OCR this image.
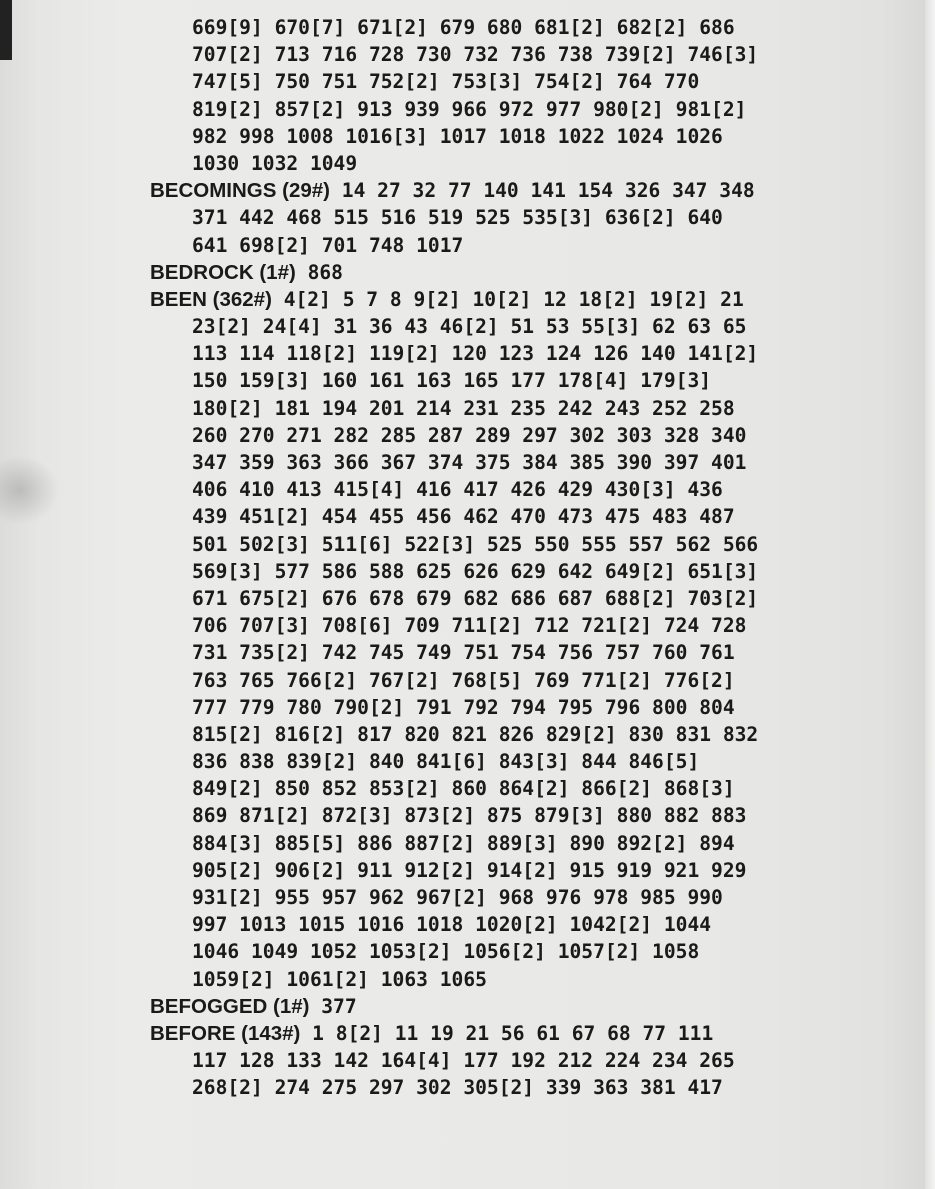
669[9] 670[7] 671[2] 679 680 681[2] 682[2] 686
707[2] 713 716 728 730 732 736 738 739[2] 746[3]
747[5] 750 751 752[2] 753[3] 754[2] 764 770
819[2] 857[2] 913 939 966 972 977 980[2] 981[2]
982 998 1008 1016[3] 1017 1018 1022 1024 1026
1030 1032 1049
BECOMINGS (29#) 14 27 32 77 140 141 154 326 347 348
371 442 468 515 516 519 525 535[3] 636[2] 640
641 698[2] 701 748 1017
BEDROCK (1#) 868
BEEN (362#) 4[2] 5 7 8 9[2] 10[2] 12 18[2] 19[2] 21
23[2] 24[4] 31 36 43 46[2] 51 53 55[3] 62 63 65
113 114 118[2] 119[2] 120 123 124 126 140 141[2]
150 159[3] 160 161 163 165 177 178[4] 179[3]
180[2] 181 194 201 214 231 235 242 243 252 258
260 270 271 282 285 287 289 297 302 303 328 340
347 359 363 366 367 374 375 384 385 390 397 401
406 410 413 415[4] 416 417 426 429 430[3] 436
439 451[2] 454 455 456 462 470 473 475 483 487
501 502[3] 511[6] 522[3] 525 550 555 557 562 566
569[3] 577 586 588 625 626 629 642 649[2] 651[3]
671 675[2] 676 678 679 682 686 687 688[2] 703[2]
706 707[3] 708[6] 709 711[2] 712 721[2] 724 728
731 735[2] 742 745 749 751 754 756 757 760 761
763 765 766[2] 767[2] 768[5] 769 771[2] 776[2]
777 779 780 790[2] 791 792 794 795 796 800 804
815[2] 816[2] 817 820 821 826 829[2] 830 831 832
836 838 839[2] 840 841[6] 843[3] 844 846[5]
849[2] 850 852 853[2] 860 864[2] 866[2] 868[3]
869 871[2] 872[3] 873[2] 875 879[3] 880 882 883
884[3] 885[5] 886 887[2] 889[3] 890 892[2] 894
905[2] 906[2] 911 912[2] 914[2] 915 919 921 929
931[2] 955 957 962 967[2] 968 976 978 985 990
997 1013 1015 1016 1018 1020[2] 1042[2] 1044
1046 1049 1052 1053[2] 1056[2] 1057[2] 1058
1059[2] 1061[2] 1063 1065
BEFOGGED (1#) 377
BEFORE (143#) 1 8[2] 11 19 21 56 61 67 68 77 111
117 128 133 142 164[4] 177 192 212 224 234 265
268[2] 274 275 297 302 305[2] 339 363 381 417
